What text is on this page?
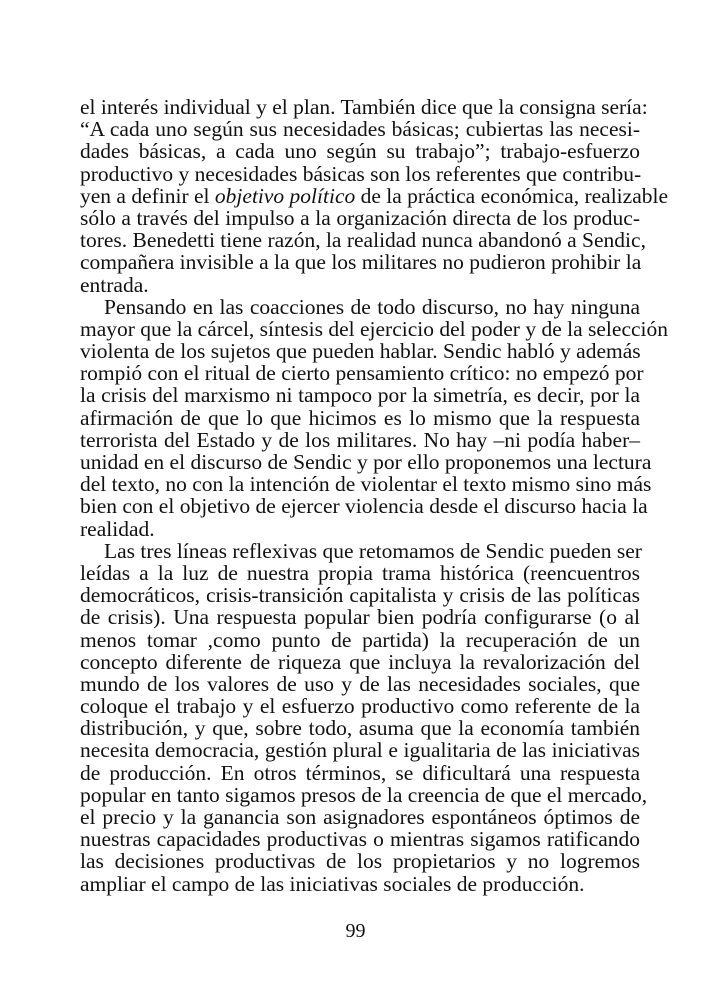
el interés individual y el plan. También dice que la consigna sería:
“A cada uno según sus necesidades básicas; cubiertas las necesi-
dades básicas, a cada uno según su trabajo”; trabajo-esfuerzo
productivo y necesidades básicas son los referentes que contribu-
yen a definir el objetivo político de la práctica económica, realizable
sólo a través del impulso a la organización directa de los produc-
tores. Benedetti tiene razón, la realidad nunca abandonó a Sendic,
compañera invisible a la que los militares no pudieron prohibir la
entrada.
Pensando en las coacciones de todo discurso, no hay ninguna
mayor que la cárcel, síntesis del ejercicio del poder y de la selección
violenta de los sujetos que pueden hablar. Sendic habló y además
rompió con el ritual de cierto pensamiento crítico: no empezó por
la crisis del marxismo ni tampoco por la simetría, es decir, por la
afirmación de que lo que hicimos es lo mismo que la respuesta
terrorista del Estado y de los militares. No hay –ni podía haber–
unidad en el discurso de Sendic y por ello proponemos una lectura
del texto, no con la intención de violentar el texto mismo sino más
bien con el objetivo de ejercer violencia desde el discurso hacia la
realidad.
Las tres líneas reflexivas que retomamos de Sendic pueden ser
leídas a la luz de nuestra propia trama histórica (reencuentros
democráticos, crisis-transición capitalista y crisis de las políticas
de crisis). Una respuesta popular bien podría configurarse (o al
menos tomar ,como punto de partida) la recuperación de un
concepto diferente de riqueza que incluya la revalorización del
mundo de los valores de uso y de las necesidades sociales, que
coloque el trabajo y el esfuerzo productivo como referente de la
distribución, y que, sobre todo, asuma que la economía también
necesita democracia, gestión plural e igualitaria de las iniciativas
de producción. En otros términos, se dificultará una respuesta
popular en tanto sigamos presos de la creencia de que el mercado,
el precio y la ganancia son asignadores espontáneos óptimos de
nuestras capacidades productivas o mientras sigamos ratificando
las decisiones productivas de los propietarios y no logremos
ampliar el campo de las iniciativas sociales de producción.
99
